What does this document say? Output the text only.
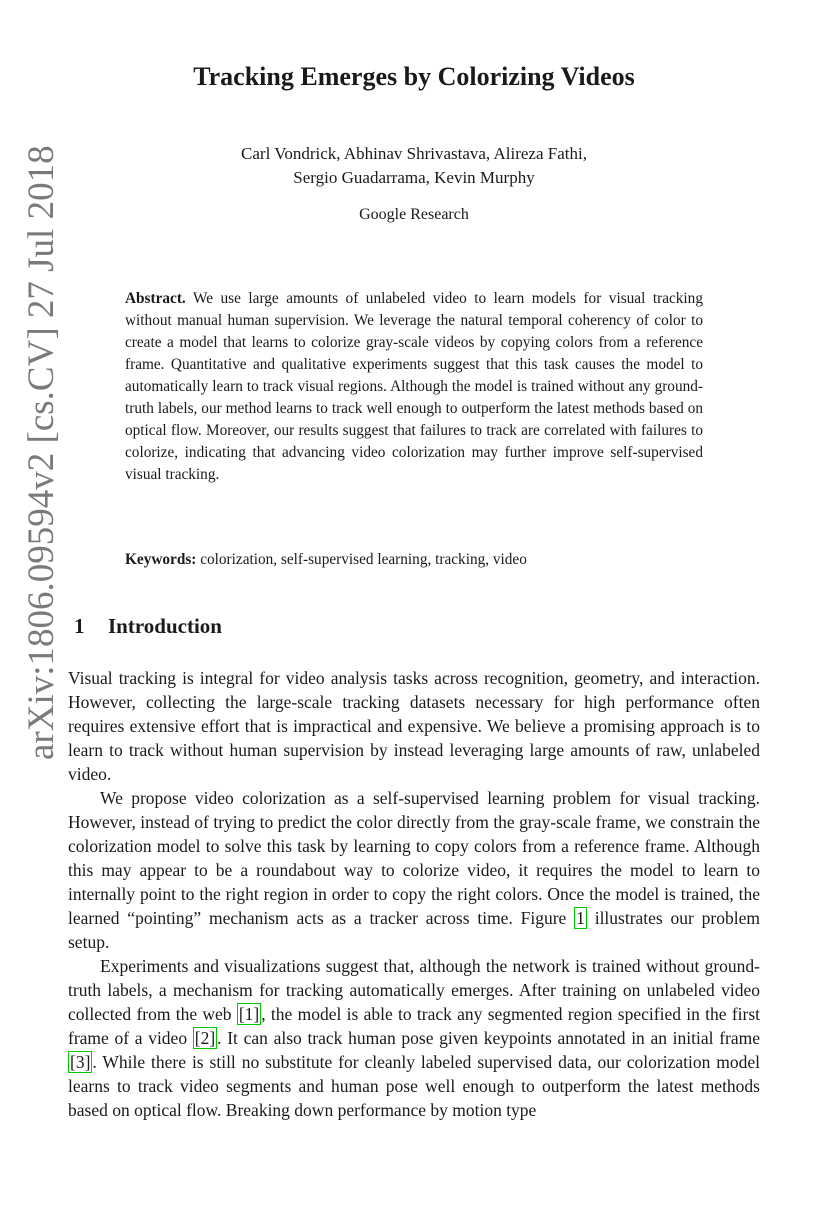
arXiv:1806.09594v2 [cs.CV] 27 Jul 2018
Tracking Emerges by Colorizing Videos
Carl Vondrick, Abhinav Shrivastava, Alireza Fathi,
Sergio Guadarrama, Kevin Murphy
Google Research
Abstract. We use large amounts of unlabeled video to learn models for visual tracking without manual human supervision. We leverage the natural temporal coherency of color to create a model that learns to colorize gray-scale videos by copying colors from a reference frame. Quantitative and qualitative experiments suggest that this task causes the model to automatically learn to track visual regions. Although the model is trained without any ground-truth labels, our method learns to track well enough to outperform the latest methods based on optical flow. Moreover, our results suggest that failures to track are correlated with failures to colorize, indicating that advancing video colorization may further improve self-supervised visual tracking.
Keywords: colorization, self-supervised learning, tracking, video
1 Introduction

Visual tracking is integral for video analysis tasks across recognition, geometry, and interaction. However, collecting the large-scale tracking datasets necessary for high performance often requires extensive effort that is impractical and expensive. We believe a promising approach is to learn to track without human supervision by instead leveraging large amounts of raw, unlabeled video.

We propose video colorization as a self-supervised learning problem for visual tracking. However, instead of trying to predict the color directly from the gray-scale frame, we constrain the colorization model to solve this task by learning to copy colors from a reference frame. Although this may appear to be a roundabout way to colorize video, it requires the model to learn to internally point to the right region in order to copy the right colors. Once the model is trained, the learned “pointing” mechanism acts as a tracker across time. Figure 1 illustrates our problem setup.

Experiments and visualizations suggest that, although the network is trained without ground-truth labels, a mechanism for tracking automatically emerges. After training on unlabeled video collected from the web [1] , the model is able to track any segmented region specified in the first frame of a video [2] . It can also track human pose given keypoints annotated in an initial frame [3] . While there is still no substitute for cleanly labeled supervised data, our colorization model learns to track video segments and human pose well enough to outperform the latest methods based on optical flow. Breaking down performance by motion type
